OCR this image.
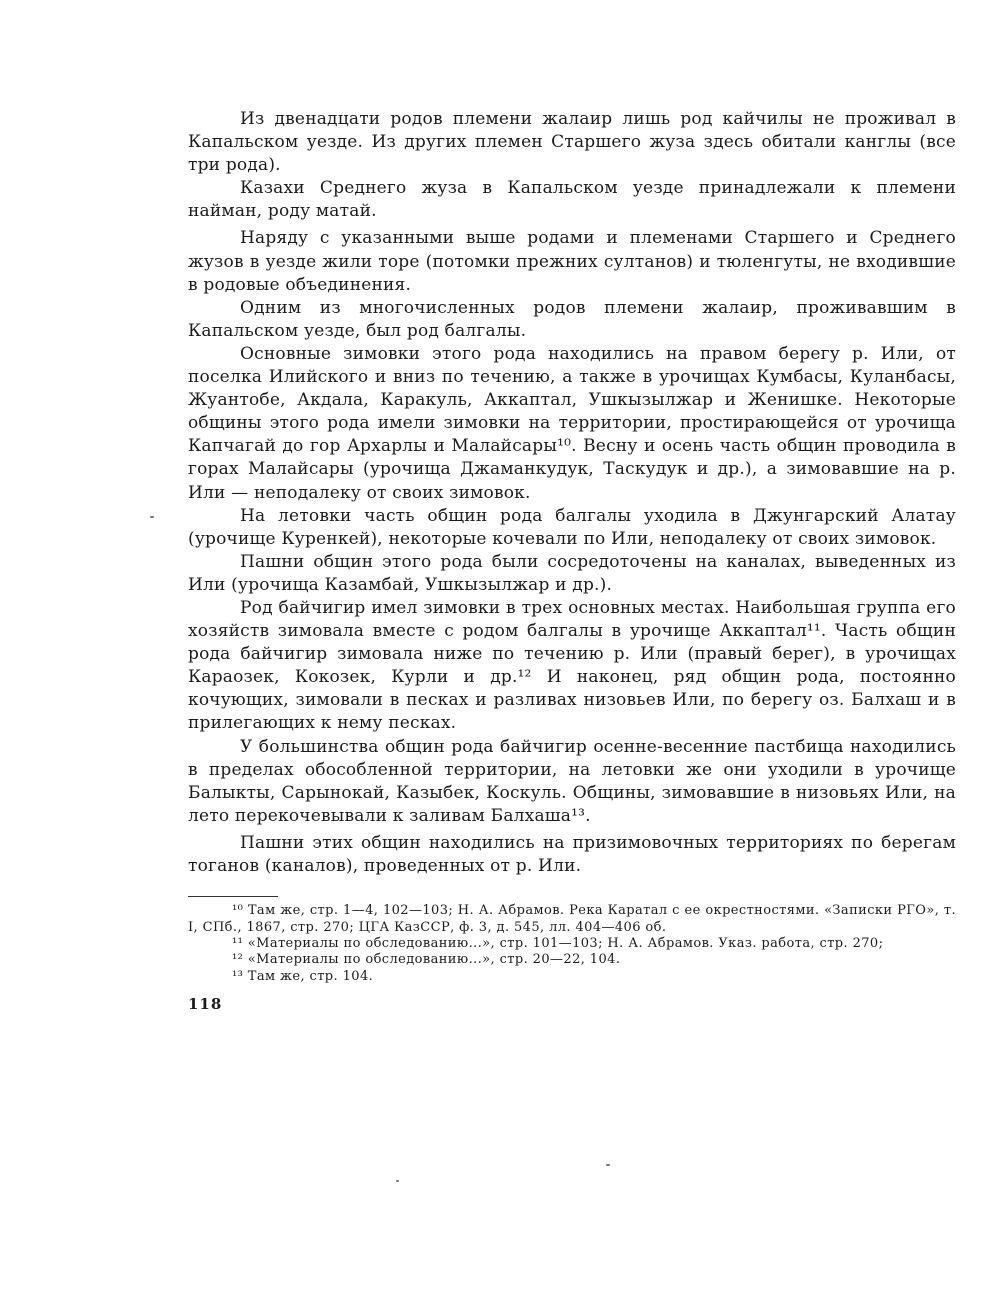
Из двенадцати родов племени жалаир лишь род кайчилы не проживал в Капальском уезде. Из других племен Старшего жуза здесь обитали канглы (все три рода).

Казахи Среднего жуза в Капальском уезде принадлежали к племени найман, роду матай.

Наряду с указанными выше родами и племенами Старшего и Среднего жузов в уезде жили торе (потомки прежних султанов) и тюленгуты, не входившие в родовые объединения.

Одним из многочисленных родов племени жалаир, проживавшим в Капальском уезде, был род балгалы.

Основные зимовки этого рода находились на правом берегу р. Или, от поселка Илийского и вниз по течению, а также в урочищах Кумбасы, Куланбасы, Жуантобе, Акдала, Каракуль, Аккаптал, Ушкызылжар и Женишке. Некоторые общины этого рода имели зимовки на территории, простирающейся от урочища Капчагай до гор Архарлы и Малайсары¹⁰. Весну и осень часть общин проводила в горах Малайсары (урочища Джаманкудук, Таскудук и др.), а зимовавшие на р. Или — неподалеку от своих зимовок.

На летовки часть общин рода балгалы уходила в Джунгарский Алатау (урочище Куренкей), некоторые кочевали по Или, неподалеку от своих зимовок.

Пашни общин этого рода были сосредоточены на каналах, выведенных из Или (урочища Казамбай, Ушкызылжар и др.).

Род байчигир имел зимовки в трех основных местах. Наибольшая группа его хозяйств зимовала вместе с родом балгалы в урочище Аккаптал¹¹. Часть общин рода байчигир зимовала ниже по течению р. Или (правый берег), в урочищах Караозек, Кокозек, Курли и др.¹² И наконец, ряд общин рода, постоянно кочующих, зимовали в песках и разливах низовьев Или, по берегу оз. Балхаш и в прилегающих к нему песках.

У большинства общин рода байчигир осенне-весенние пастбища находились в пределах обособленной территории, на летовки же они уходили в урочище Балыкты, Сарынокай, Казыбек, Коскуль. Общины, зимовавшие в низовьях Или, на лето перекочевывали к заливам Балхаша¹³.

Пашни этих общин находились на призимовочных территориях по берегам тоганов (каналов), проведенных от р. Или.

¹⁰ Там же, стр. 1—4, 102—103; Н. А. Абрамов. Река Каратал с ее окрестностями. «Записки РГО», т. I, СПб., 1867, стр. 270; ЦГА КазССР, ф. 3, д. 545, лл. 404—406 об.

¹¹ «Материалы по обследованию...», стр. 101—103; Н. А. Абрамов. Указ. работа, стр. 270;

¹² «Материалы по обследованию...», стр. 20—22, 104.

¹³ Там же, стр. 104.

118
